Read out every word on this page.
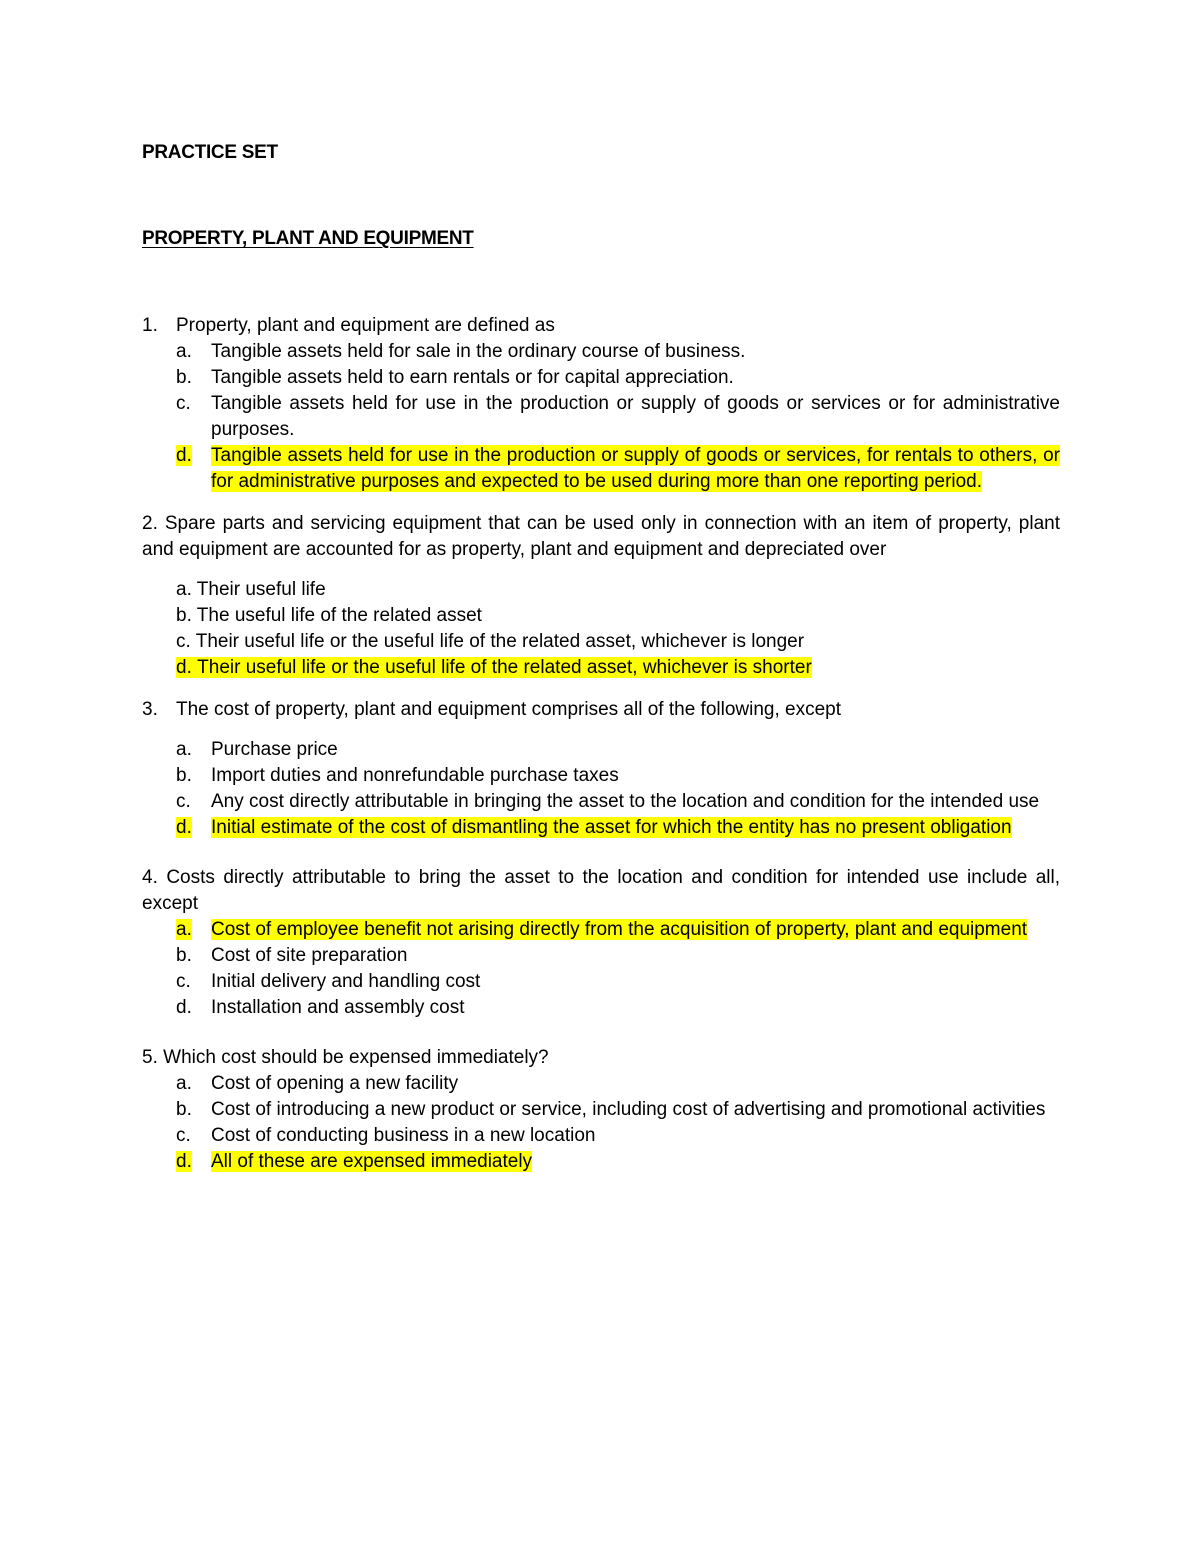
PRACTICE SET
PROPERTY, PLANT AND EQUIPMENT
1. Property, plant and equipment are defined as
a.	Tangible assets held for sale in the ordinary course of business.
b.	Tangible assets held to earn rentals or for capital appreciation.
c.	Tangible assets held for use in the production or supply of goods or services or for administrative purposes.
d.	Tangible assets held for use in the production or supply of goods or services, for rentals to others, or for administrative purposes and expected to be used during more than one reporting period.
2. Spare parts and servicing equipment that can be used only in connection with an item of property, plant and equipment are accounted for as property, plant and equipment and depreciated over
a. Their useful life
b. The useful life of the related asset
c. Their useful life or the useful life of the related asset, whichever is longer
d. Their useful life or the useful life of the related asset, whichever is shorter
3. The cost of property, plant and equipment comprises all of the following, except
a.	Purchase price
b.	Import duties and nonrefundable purchase taxes
c.	Any cost directly attributable in bringing the asset to the location and condition for the intended use
d.	Initial estimate of the cost of dismantling the asset for which the entity has no present obligation
4. Costs directly attributable to bring the asset to the location and condition for intended use include all, except
a.	Cost of employee benefit not arising directly from the acquisition of property, plant and equipment
b.	Cost of site preparation
c.	Initial delivery and handling cost
d.	Installation and assembly cost
5. Which cost should be expensed immediately?
a.	Cost of opening a new facility
b.	Cost of introducing a new product or service, including cost of advertising and promotional activities
c.	Cost of conducting business in a new location
d.	All of these are expensed immediately
